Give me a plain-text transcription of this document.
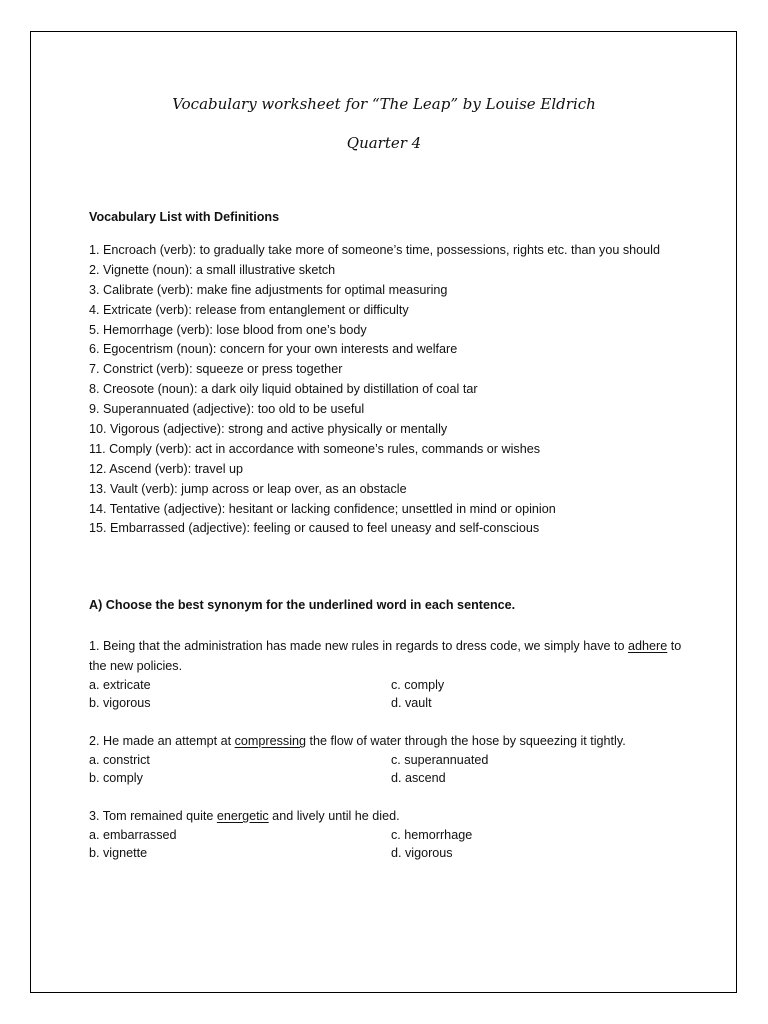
Vocabulary worksheet for “The Leap” by Louise Eldrich
Quarter 4
Vocabulary List with Definitions
1. Encroach (verb): to gradually take more of someone’s time, possessions, rights etc. than you should
2. Vignette (noun): a small illustrative sketch
3. Calibrate (verb): make fine adjustments for optimal measuring
4. Extricate (verb): release from entanglement or difficulty
5. Hemorrhage (verb): lose blood from one’s body
6. Egocentrism (noun): concern for your own interests and welfare
7. Constrict (verb): squeeze or press together
8. Creosote (noun): a dark oily liquid obtained by distillation of coal tar
9. Superannuated (adjective): too old to be useful
10. Vigorous (adjective): strong and active physically or mentally
11. Comply (verb): act in accordance with someone’s rules, commands or wishes
12. Ascend (verb): travel up
13. Vault (verb): jump across or leap over, as an obstacle
14. Tentative (adjective): hesitant or lacking confidence; unsettled in mind or opinion
15. Embarrassed (adjective): feeling or caused to feel uneasy and self-conscious
A) Choose the best synonym for the underlined word in each sentence.
1. Being that the administration has made new rules in regards to dress code, we simply have to adhere to the new policies.
a. extricate
b. vigorous
c. comply
d. vault
2. He made an attempt at compressing the flow of water through the hose by squeezing it tightly.
a. constrict
b. comply
c. superannuated
d. ascend
3. Tom remained quite energetic and lively until he died.
a. embarrassed
b. vignette
c. hemorrhage
d. vigorous
